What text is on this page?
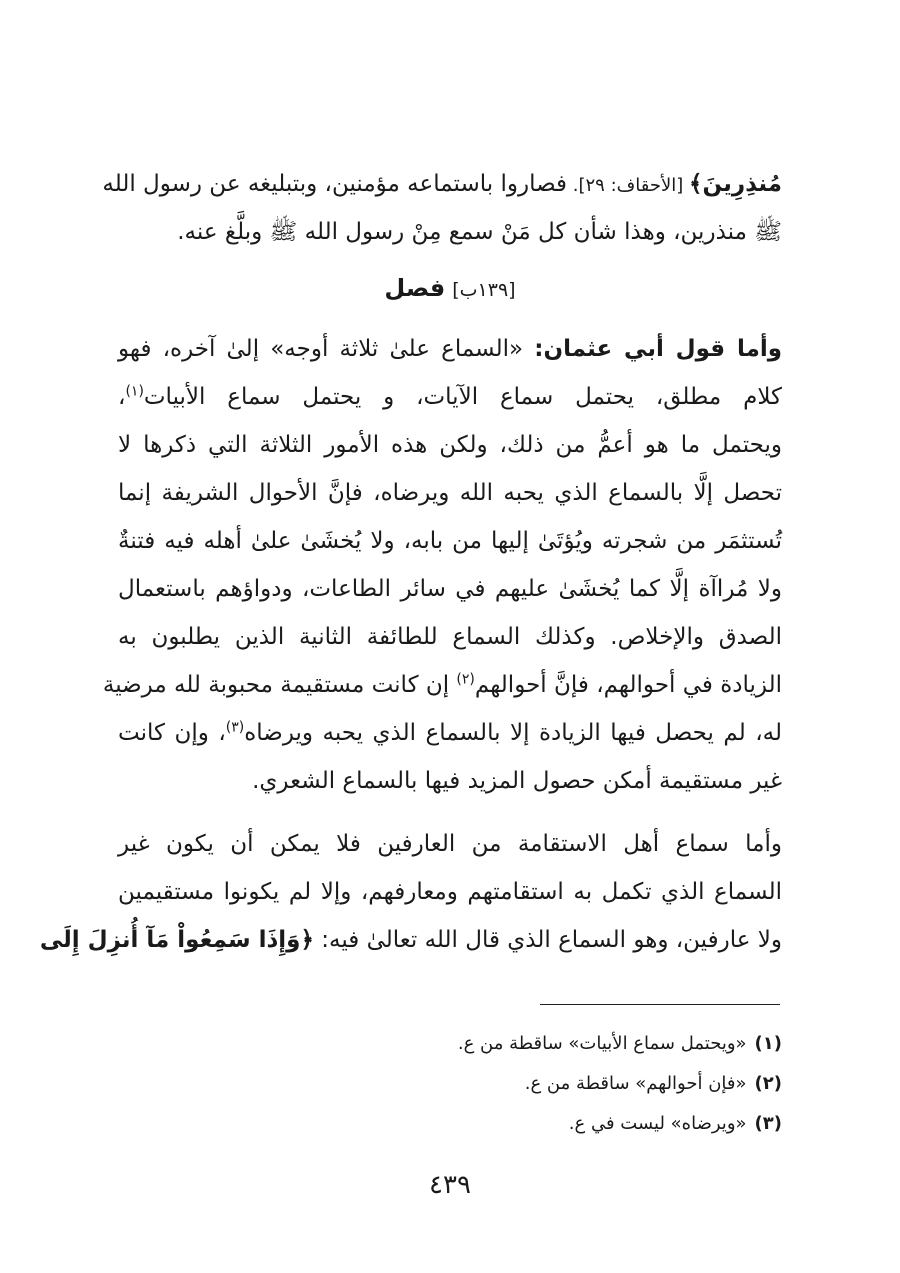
مُنذِرِينَ﴾ [الأحقاف: ٢٩]. فصاروا باستماعه مؤمنين، وبتبليغه عن رسول الله
ﷺ منذرين، وهذا شأن كل مَنْ سمع مِنْ رسول الله ﷺ وبلَّغ عنه.
[١٣٩ب] فصل
وأما قول أبي عثمان: «السماع علىٰ ثلاثة أوجه» إلىٰ آخره، فهو
كلام مطلق، يحتمل سماع الآيات، و يحتمل سماع الأبيات$^{(١)}$،
ويحتمل ما هو أعمُّ من ذلك، ولكن هذه الأمور الثلاثة التي ذكرها لا
تحصل إلَّا بالسماع الذي يحبه الله ويرضاه، فإنَّ الأحوال الشريفة إنما
تُستثمَر من شجرته ويُؤتَىٰ إليها من بابه، ولا يُخشَىٰ علىٰ أهله فيه فتنةٌ
ولا مُراآة إلَّا كما يُخشَىٰ عليهم في سائر الطاعات، ودواؤهم باستعمال
الصدق والإخلاص. وكذلك السماع للطائفة الثانية الذين يطلبون به
الزيادة في أحوالهم، فإنَّ أحوالهم$^{(٢)}$ إن كانت مستقيمة محبوبة لله مرضية
له، لم يحصل فيها الزيادة إلا بالسماع الذي يحبه ويرضاه$^{(٣)}$، وإن كانت
غير مستقيمة أمكن حصول المزيد فيها بالسماع الشعري.
وأما سماع أهل الاستقامة من العارفين فلا يمكن أن يكون غير
السماع الذي تكمل به استقامتهم ومعارفهم، وإلا لم يكونوا مستقيمين
ولا عارفين، وهو السماع الذي قال الله تعالىٰ فيه: ﴿وَإِذَا سَمِعُواْ مَآ أُنزِلَ إِلَى
(١)«ويحتمل سماع الأبيات» ساقطة من ع.
(٢)«فإن أحوالهم» ساقطة من ع.
(٣)«ويرضاه» ليست في ع.
٤٣٩
